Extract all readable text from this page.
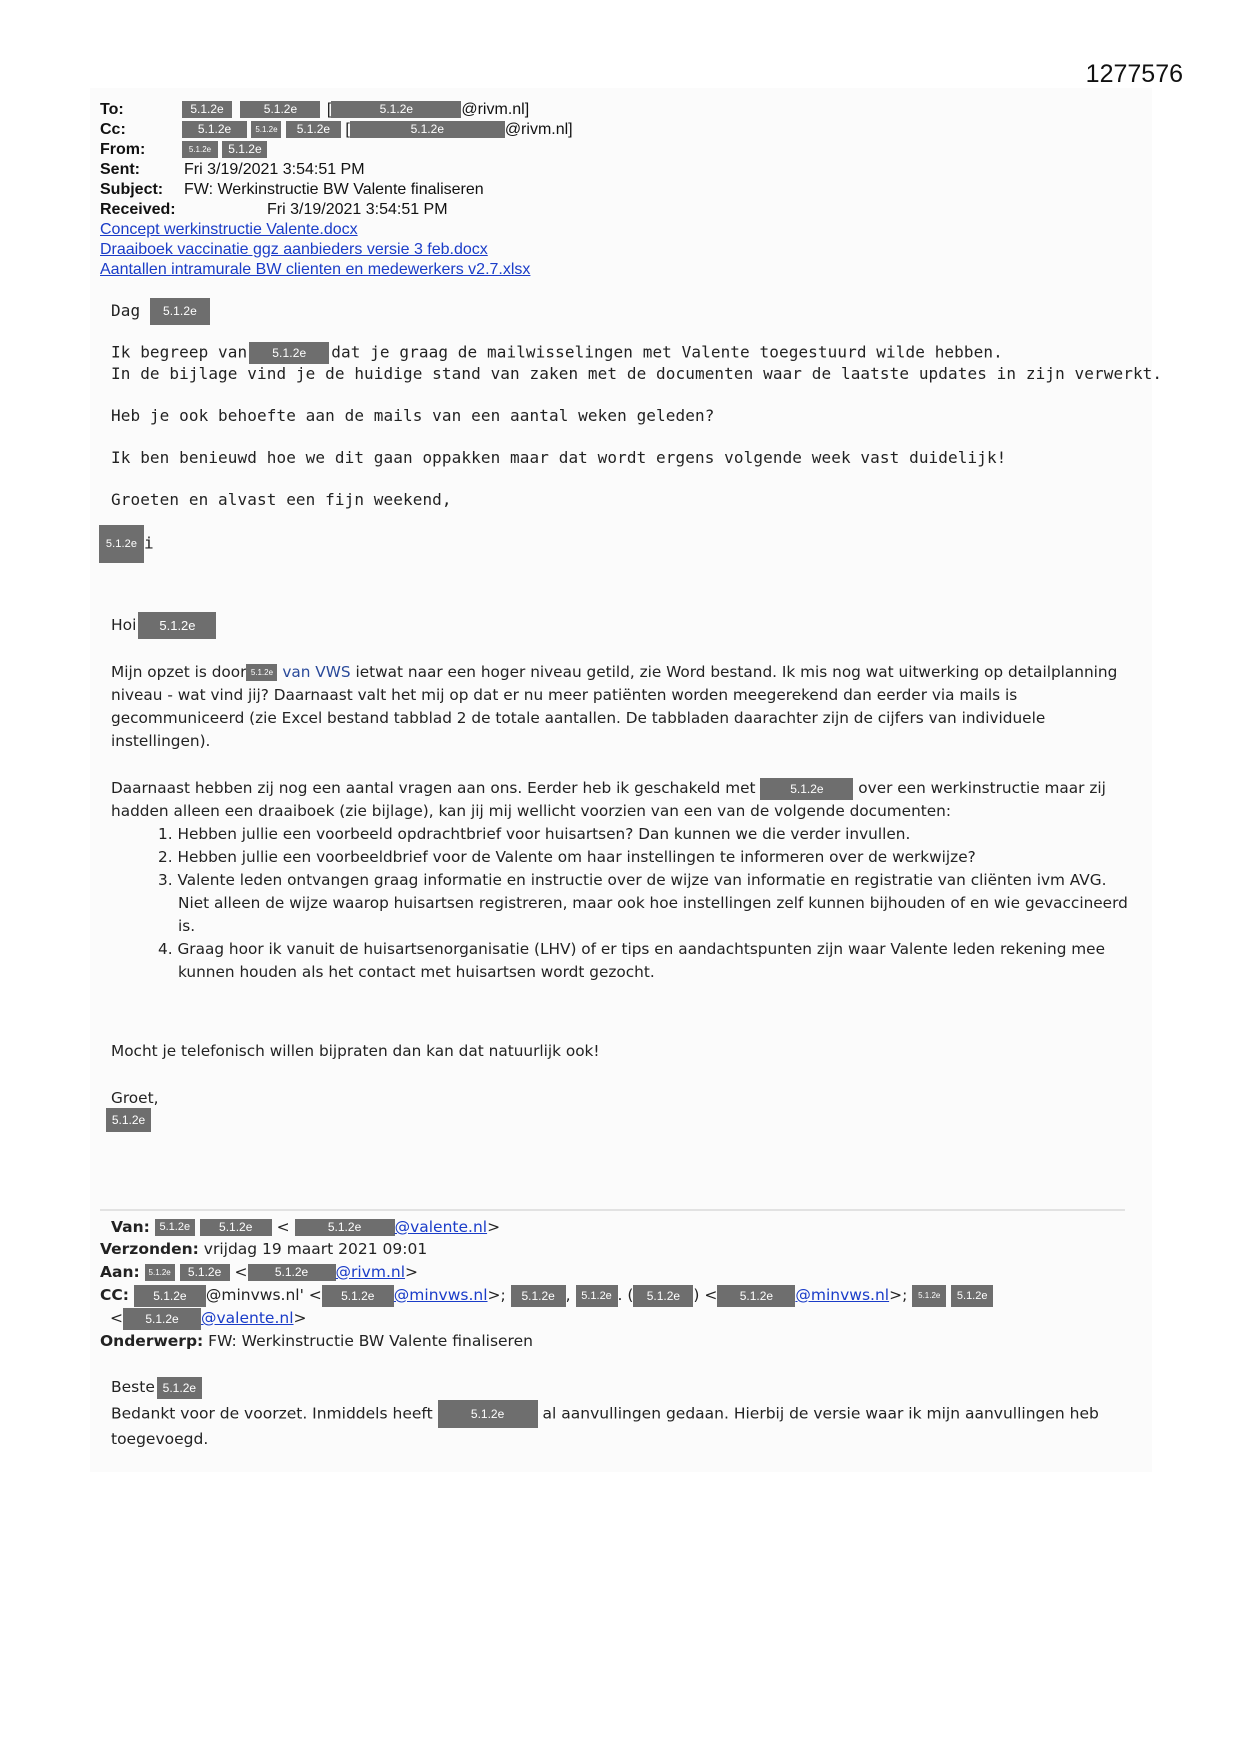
1277576
To:	5.1.2e	5.1.2e [	5.1.2e	@rivm.nl]
Cc:	5.1.2e	5.1.2e 5.1.2e [	5.1.2e	@rivm.nl]
From:	5.1.2e 5.1.2e
Sent:	Fri 3/19/2021 3:54:51 PM
Subject: FW: Werkinstructie BW Valente finaliseren
Received:	Fri 3/19/2021 3:54:51 PM
Concept werkinstructie Valente.docx
Draaiboek vaccinatie ggz aanbieders versie 3 feb.docx
Aantallen intramurale BW clienten en medewerkers v2.7.xlsx
Dag 5.1.2e
Ik begreep van 5.1.2e dat je graag de mailwisselingen met Valente toegestuurd wilde hebben.
In de bijlage vind je de huidige stand van zaken met de documenten waar de laatste updates in zijn verwerkt.
Heb je ook behoefte aan de mails van een aantal weken geleden?
Ik ben benieuwd hoe we dit gaan oppakken maar dat wordt ergens volgende week vast duidelijk!
Groeten en alvast een fijn weekend,
5.1.2e i
Hoi 5.1.2e

Mijn opzet is door 5.1.2e van VWS ietwat naar een hoger niveau getild, zie Word bestand. Ik mis nog wat uitwerking op detailplanning niveau - wat vind jij? Daarnaast valt het mij op dat er nu meer patiënten worden meegerekend dan eerder via mails is gecommuniceerd (zie Excel bestand tabblad 2 de totale aantallen. De tabbladen daarachter zijn de cijfers van individuele instellingen).

Daarnaast hebben zij nog een aantal vragen aan ons. Eerder heb ik geschakeld met	5.1.2e over een werkinstructie maar zij hadden alleen een draaiboek (zie bijlage), kan jij mij wellicht voorzien van een van de volgende documenten:

1. Hebben jullie een voorbeeld opdrachtbrief voor huisartsen? Dan kunnen we die verder invullen.
2. Hebben jullie een voorbeeldbrief voor de Valente om haar instellingen te informeren over de werkwijze?
3. Valente leden ontvangen graag informatie en instructie over de wijze van informatie en registratie van cliënten ivm AVG. Niet alleen de wijze waarop huisartsen registreren, maar ook hoe instellingen zelf kunnen bijhouden of en wie gevaccineerd is.
4. Graag hoor ik vanuit de huisartsenorganisatie (LHV) of er tips en aandachtspunten zijn waar Valente leden rekening mee kunnen houden als het contact met huisartsen wordt gezocht.
Mocht je telefonisch willen bijpraten dan kan dat natuurlijk ook!
Groet,
5.1.2e
Van: 5.1.2e 5.1.2e <	5.1.2e @valente.nl>
Verzonden: vrijdag 19 maart 2021 09:01
Aan: 5.1.2e 5.1.2e < 5.1.2e @rivm.nl>
CC: 5.1.2e @minvws.nl' < 5.1.2e @minvws.nl>; 5.1.2e , 5.1.2e . ( 5.1.2e ) < 5.1.2e @minvws.nl>; 5.1.2e 5.1.2e
< 5.1.2e @valente.nl>
Onderwerp: FW: Werkinstructie BW Valente finaliseren
Beste 5.1.2e

Bedankt voor de voorzet. Inmiddels heeft	5.1.2e al aanvullingen gedaan. Hierbij de versie waar ik mijn aanvullingen heb toegevoegd.
